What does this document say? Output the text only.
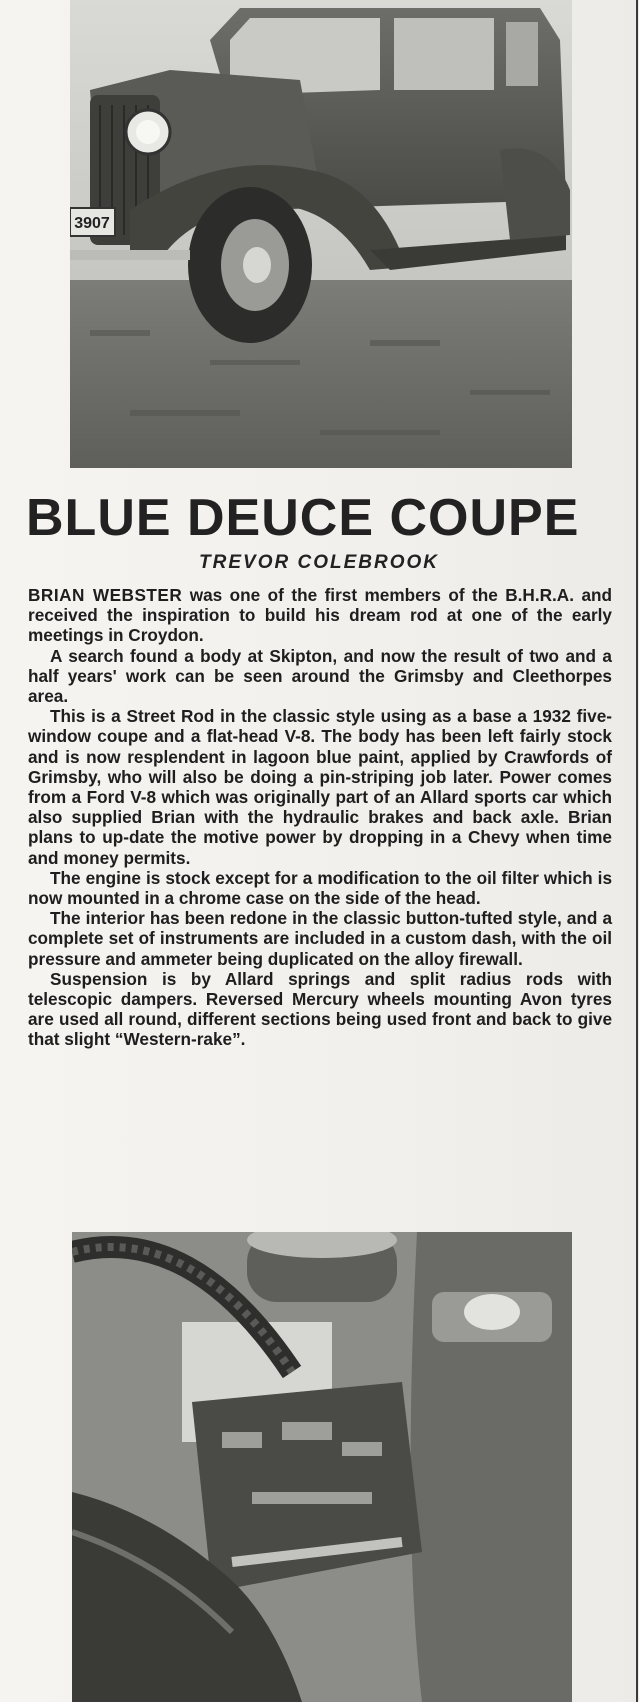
3907
BLUE DEUCE COUPE
TREVOR COLEBROOK

BRIAN WEBSTER was one of the first members of the B.H.R.A. and received the inspiration to build his dream rod at one of the early meetings in Croydon.

A search found a body at Skipton, and now the result of two and a half years' work can be seen around the Grimsby and Cleethorpes area.

This is a Street Rod in the classic style using as a base a 1932 five-window coupe and a flat-head V-8. The body has been left fairly stock and is now resplendent in lagoon blue paint, applied by Crawfords of Grimsby, who will also be doing a pin-striping job later. Power comes from a Ford V-8 which was originally part of an Allard sports car which also supplied Brian with the hydraulic brakes and back axle. Brian plans to up-date the motive power by dropping in a Chevy when time and money permits.

The engine is stock except for a modification to the oil filter which is now mounted in a chrome case on the side of the head.

The interior has been redone in the classic button-tufted style, and a complete set of instruments are included in a custom dash, with the oil pressure and ammeter being duplicated on the alloy firewall.

Suspension is by Allard springs and split radius rods with telescopic dampers. Reversed Mercury wheels mounting Avon tyres are used all round, different sections being used front and back to give that slight “Western-rake”.
